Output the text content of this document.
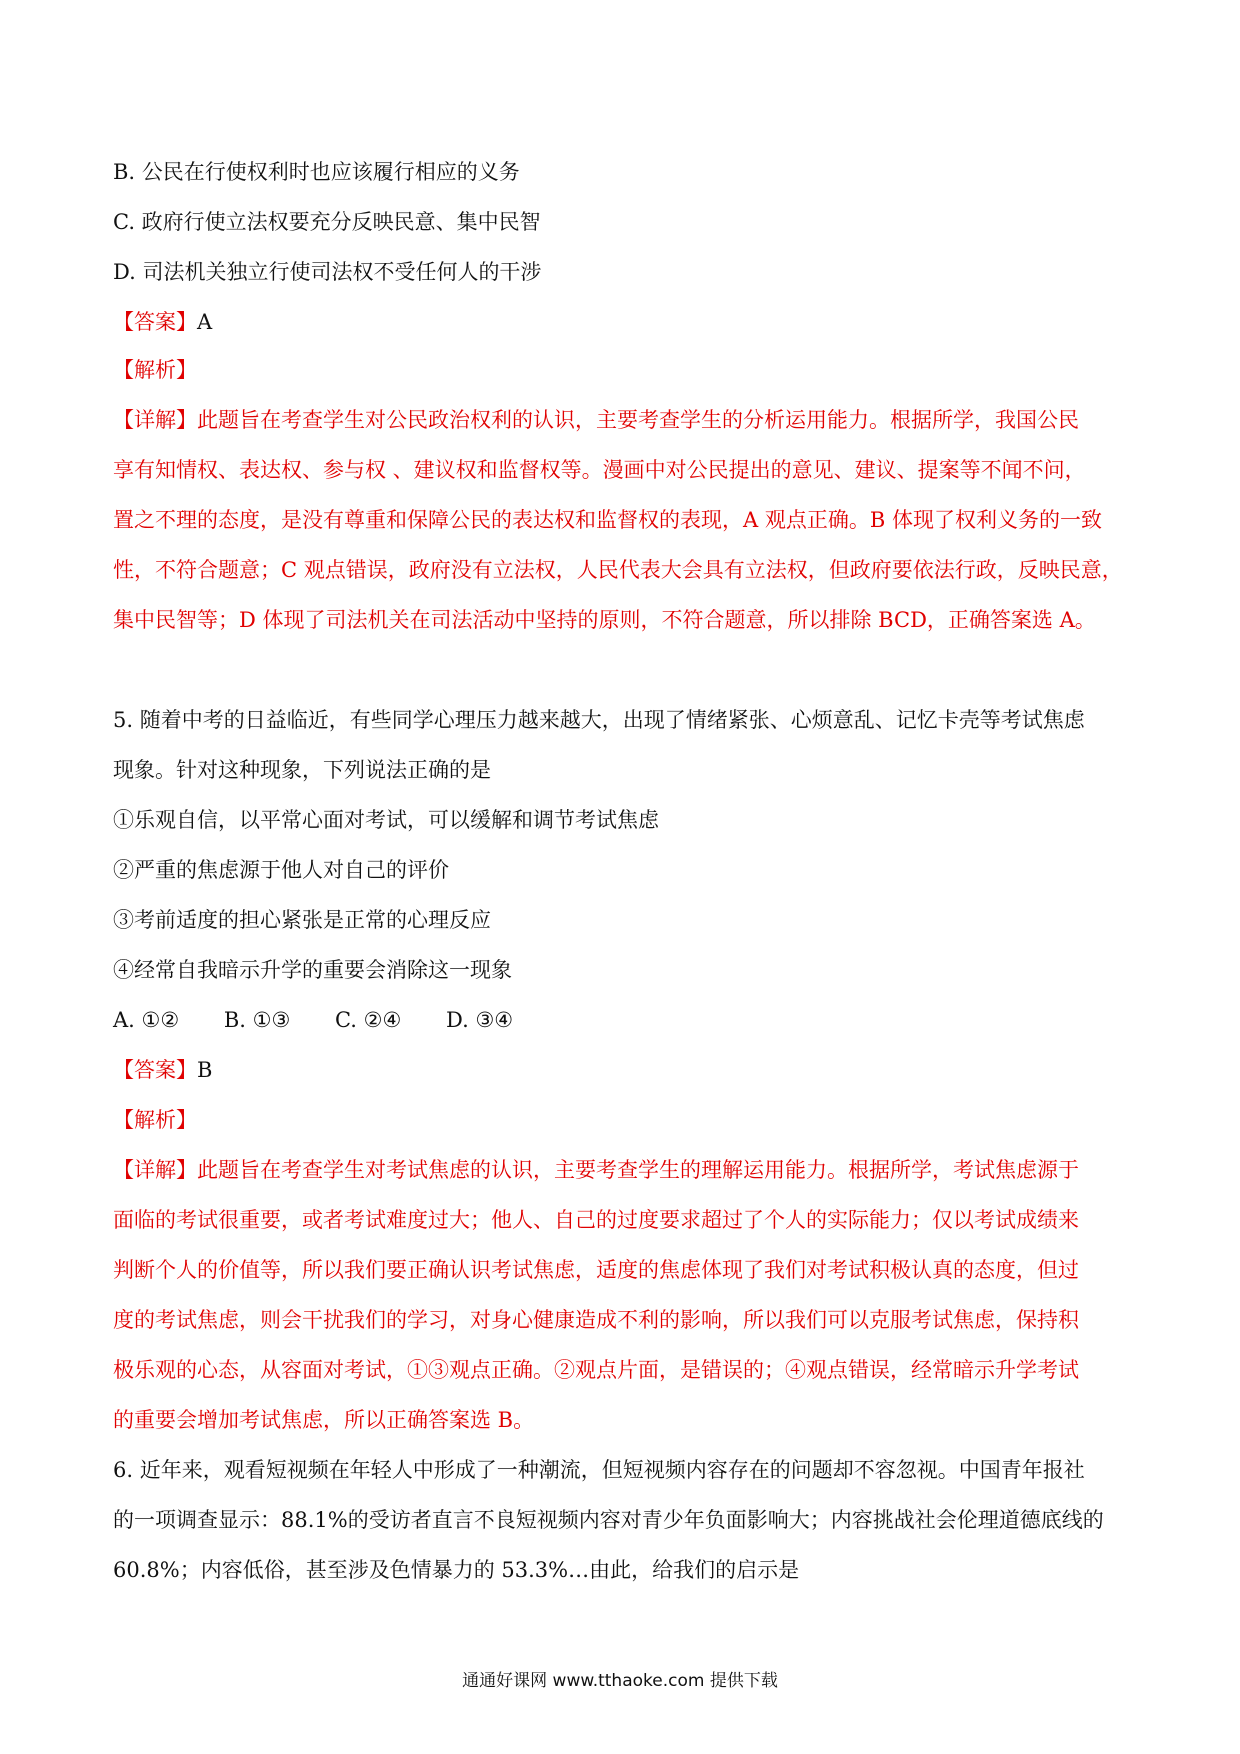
B. 公民在行使权利时也应该履行相应的义务
C. 政府行使立法权要充分反映民意、集中民智
D. 司法机关独立行使司法权不受任何人的干涉
【答案】A
【解析】
【详解】此题旨在考查学生对公民政治权利的认识，主要考查学生的分析运用能力。根据所学，我国公民
享有知情权、表达权、参与权 、建议权和监督权等。漫画中对公民提出的意见、建议、提案等不闻不问，
置之不理的态度，是没有尊重和保障公民的表达权和监督权的表现，A 观点正确。B 体现了权利义务的一致
性，不符合题意；C 观点错误，政府没有立法权，人民代表大会具有立法权，但政府要依法行政，反映民意，
集中民智等；D 体现了司法机关在司法活动中坚持的原则，不符合题意，所以排除 BCD，正确答案选 A。
5. 随着中考的日益临近，有些同学心理压力越来越大，出现了情绪紧张、心烦意乱、记忆卡壳等考试焦虑
现象。针对这种现象，下列说法正确的是
①乐观自信，以平常心面对考试，可以缓解和调节考试焦虑
②严重的焦虑源于他人对自己的评价
③考前适度的担心紧张是正常的心理反应
④经常自我暗示升学的重要会消除这一现象
A. ①② B. ①③ C. ②④ D. ③④
【答案】B
【解析】
【详解】此题旨在考查学生对考试焦虑的认识，主要考查学生的理解运用能力。根据所学，考试焦虑源于
面临的考试很重要，或者考试难度过大；他人、自己的过度要求超过了个人的实际能力；仅以考试成绩来
判断个人的价值等，所以我们要正确认识考试焦虑，适度的焦虑体现了我们对考试积极认真的态度，但过
度的考试焦虑，则会干扰我们的学习，对身心健康造成不利的影响，所以我们可以克服考试焦虑，保持积
极乐观的心态，从容面对考试，①③观点正确。②观点片面，是错误的；④观点错误，经常暗示升学考试
的重要会增加考试焦虑，所以正确答案选 B。
6. 近年来，观看短视频在年轻人中形成了一种潮流，但短视频内容存在的问题却不容忽视。中国青年报社
的一项调查显示：88.1%的受访者直言不良短视频内容对青少年负面影响大；内容挑战社会伦理道德底线的
60.8%；内容低俗，甚至涉及色情暴力的 53.3%…由此，给我们的启示是
通通好课网 www.tthaoke.com 提供下载
